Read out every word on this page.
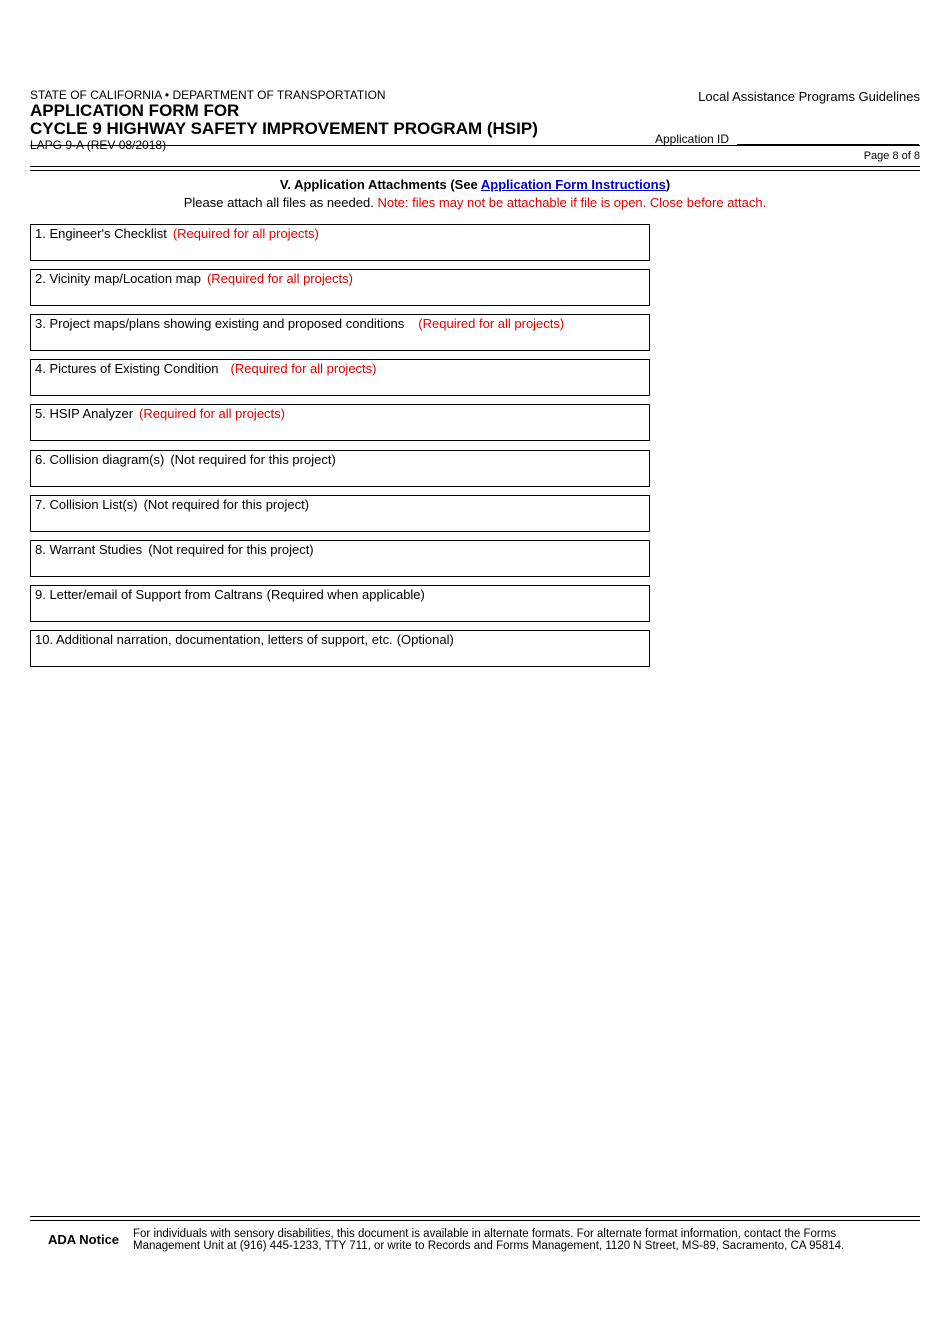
STATE OF CALIFORNIA • DEPARTMENT OF TRANSPORTATION
APPLICATION FORM FOR
CYCLE 9 HIGHWAY SAFETY IMPROVEMENT PROGRAM (HSIP)
LAPG 9-A (REV 08/2018)
Local Assistance Programs Guidelines
Application ID
Page 8 of 8
V. Application Attachments (See Application Form Instructions)
Please attach all files as needed. Note: files may not be attachable if file is open. Close before attach.
1. Engineer's Checklist (Required for all projects)
2. Vicinity map/Location map (Required for all projects)
3. Project maps/plans showing existing and proposed conditions (Required for all projects)
4. Pictures of Existing Condition (Required for all projects)
5. HSIP Analyzer (Required for all projects)
6. Collision diagram(s) (Not required for this project)
7. Collision List(s) (Not required for this project)
8. Warrant Studies (Not required for this project)
9. Letter/email of Support from Caltrans (Required when applicable)
10. Additional narration, documentation, letters of support, etc. (Optional)
ADA Notice For individuals with sensory disabilities, this document is available in alternate formats. For alternate format information, contact the Forms
Management Unit at (916) 445-1233, TTY 711, or write to Records and Forms Management, 1120 N Street, MS-89, Sacramento, CA 95814.
